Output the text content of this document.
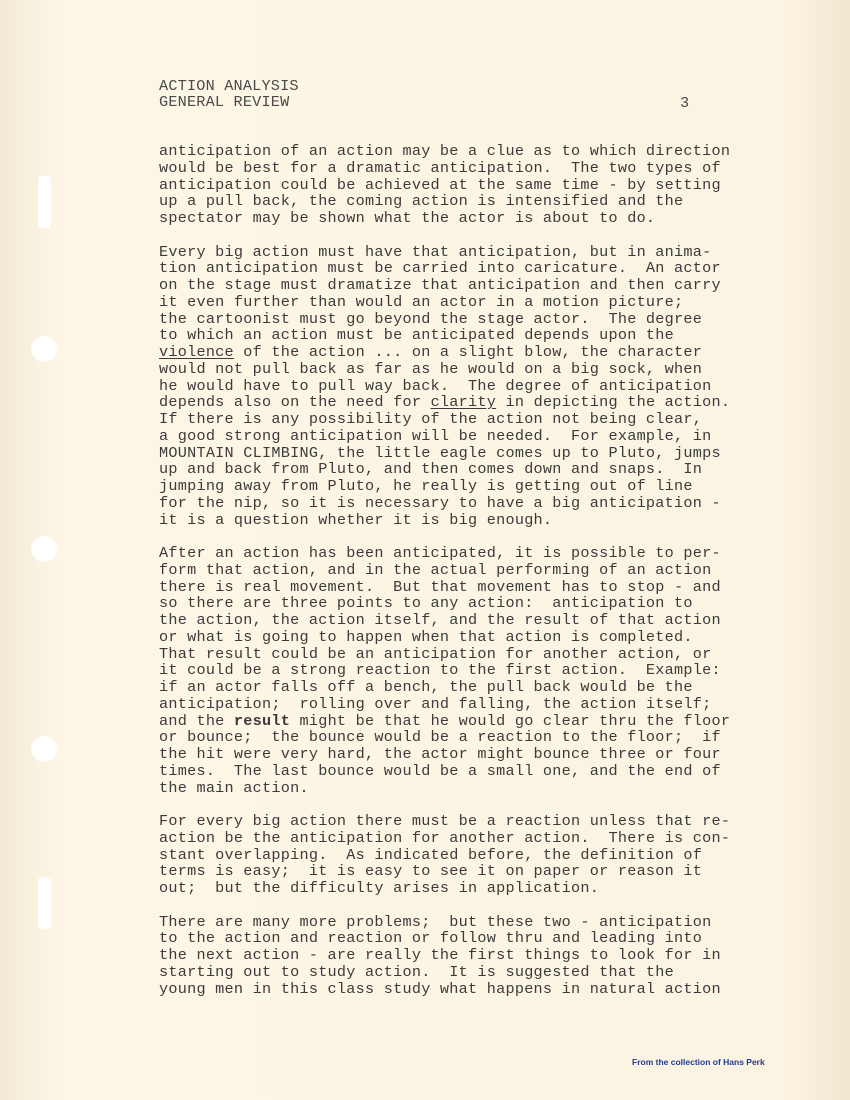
ACTION ANALYSIS
GENERAL REVIEW	3
anticipation of an action may be a clue as to which direction
would be best for a dramatic anticipation.  The two types of
anticipation could be achieved at the same time - by setting
up a pull back, the coming action is intensified and the
spectator may be shown what the actor is about to do.
Every big action must have that anticipation, but in anima-
tion anticipation must be carried into caricature.  An actor
on the stage must dramatize that anticipation and then carry
it even further than would an actor in a motion picture;
the cartoonist must go beyond the stage actor.  The degree
to which an action must be anticipated depends upon the
violence of the action ... on a slight blow, the character
would not pull back as far as he would on a big sock, when
he would have to pull way back.  The degree of anticipation
depends also on the need for clarity in depicting the action.
If there is any possibility of the action not being clear,
a good strong anticipation will be needed.  For example, in
MOUNTAIN CLIMBING, the little eagle comes up to Pluto, jumps
up and back from Pluto, and then comes down and snaps.  In
jumping away from Pluto, he really is getting out of line
for the nip, so it is necessary to have a big anticipation -
it is a question whether it is big enough.
After an action has been anticipated, it is possible to per-
form that action, and in the actual performing of an action
there is real movement.  But that movement has to stop - and
so there are three points to any action:  anticipation to
the action, the action itself, and the result of that action
or what is going to happen when that action is completed.
That result could be an anticipation for another action, or
it could be a strong reaction to the first action.  Example:
if an actor falls off a bench, the pull back would be the
anticipation;  rolling over and falling, the action itself;
and the result might be that he would go clear thru the floor
or bounce;  the bounce would be a reaction to the floor;  if
the hit were very hard, the actor might bounce three or four
times.  The last bounce would be a small one, and the end of
the main action.
For every big action there must be a reaction unless that re-
action be the anticipation for another action.  There is con-
stant overlapping.  As indicated before, the definition of
terms is easy;  it is easy to see it on paper or reason it
out;  but the difficulty arises in application.
There are many more problems;  but these two - anticipation
to the action and reaction or follow thru and leading into
the next action - are really the first things to look for in
starting out to study action.  It is suggested that the
young men in this class study what happens in natural action
From the collection of Hans Perk
